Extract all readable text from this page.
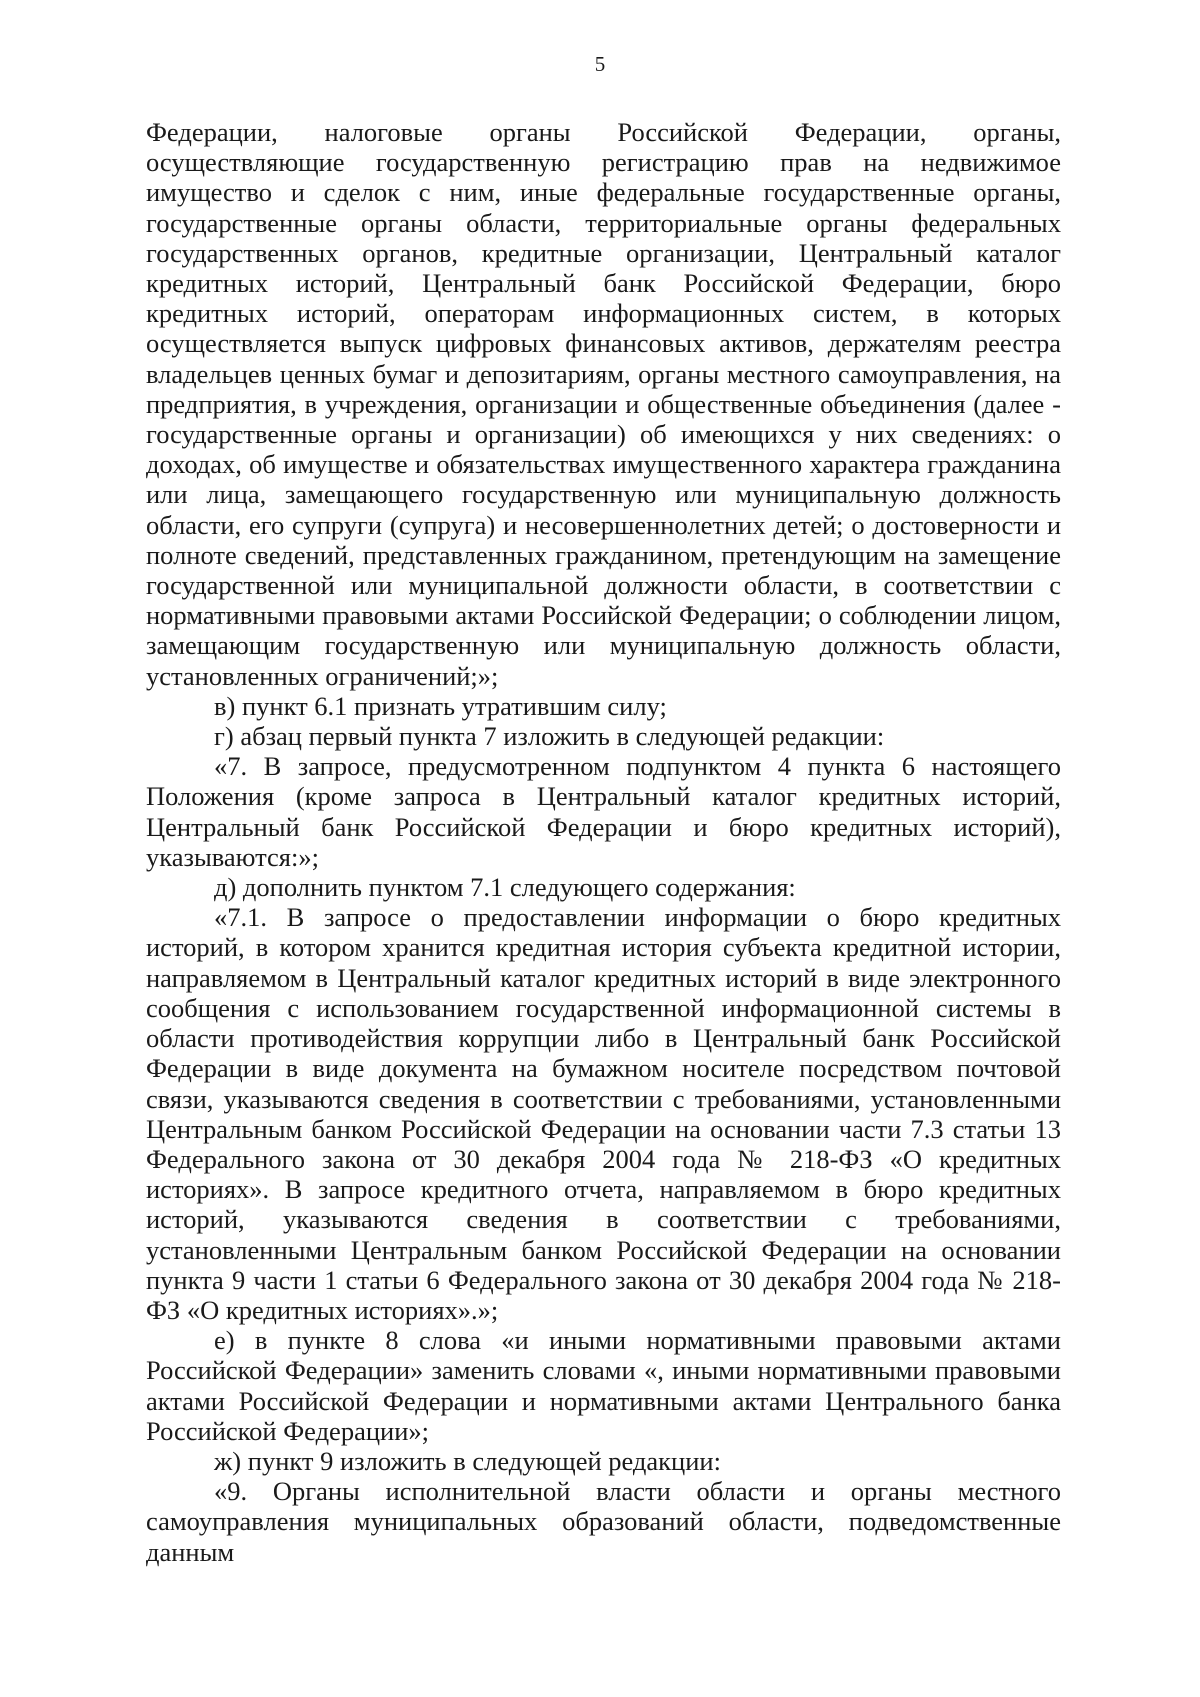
5

Федерации, налоговые органы Российской Федерации, органы, осуществляющие государственную регистрацию прав на недвижимое имущество и сделок с ним, иные федеральные государственные органы, государственные органы области, территориальные органы федеральных государственных органов, кредитные организации, Центральный каталог кредитных историй, Центральный банк Российской Федерации, бюро кредитных историй, операторам информационных систем, в которых осуществляется выпуск цифровых финансовых активов, держателям реестра владельцев ценных бумаг и депозитариям, органы местного самоуправления, на предприятия, в учреждения, организации и общественные объединения (далее - государственные органы и организации) об имеющихся у них сведениях: о доходах, об имуществе и обязательствах имущественного характера гражданина или лица, замещающего государственную или муниципальную должность области, его супруги (супруга) и несовершеннолетних детей; о достоверности и полноте сведений, представленных гражданином, претендующим на замещение государственной или муниципальной должности области, в соответствии с нормативными правовыми актами Российской Федерации; о соблюдении лицом, замещающим государственную или муниципальную должность области, установленных ограничений;»;

в) пункт 6.1 признать утратившим силу;

г) абзац первый пункта 7 изложить в следующей редакции:

«7. В запросе, предусмотренном подпунктом 4 пункта 6 настоящего Положения (кроме запроса в Центральный каталог кредитных историй, Центральный банк Российской Федерации и бюро кредитных историй), указываются:»;

д) дополнить пунктом 7.1 следующего содержания:

«7.1. В запросе о предоставлении информации о бюро кредитных историй, в котором хранится кредитная история субъекта кредитной истории, направляемом в Центральный каталог кредитных историй в виде электронного сообщения с использованием государственной информационной системы в области противодействия коррупции либо в Центральный банк Российской Федерации в виде документа на бумажном носителе посредством почтовой связи, указываются сведения в соответствии с требованиями, установленными Центральным банком Российской Федерации на основании части 7.3 статьи 13 Федерального закона от 30 декабря 2004 года № 218-ФЗ «О кредитных историях». В запросе кредитного отчета, направляемом в бюро кредитных историй, указываются сведения в соответствии с требованиями, установленными Центральным банком Российской Федерации на основании пункта 9 части 1 статьи 6 Федерального закона от 30 декабря 2004 года № 218-ФЗ «О кредитных историях».»;

е) в пункте 8 слова «и иными нормативными правовыми актами Российской Федерации» заменить словами «, иными нормативными правовыми актами Российской Федерации и нормативными актами Центрального банка Российской Федерации»;

ж) пункт 9 изложить в следующей редакции:

«9. Органы исполнительной власти области и органы местного самоуправления муниципальных образований области, подведомственные данным
